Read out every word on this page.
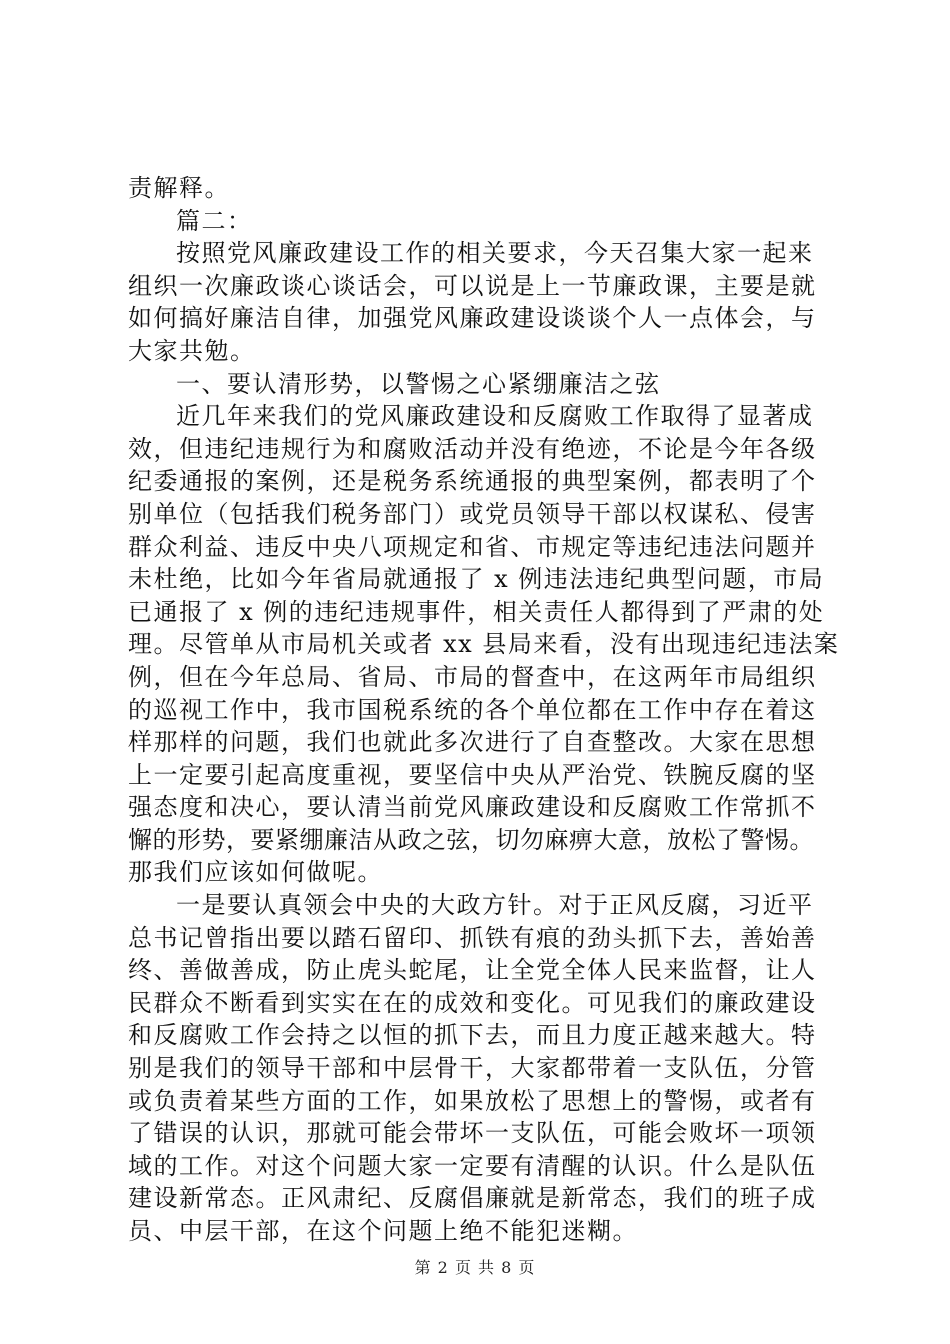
责解释。
篇二：
按照党风廉政建设工作的相关要求，今天召集大家一起来
组织一次廉政谈心谈话会，可以说是上一节廉政课，主要是就
如何搞好廉洁自律，加强党风廉政建设谈谈个人一点体会，与
大家共勉。
一、要认清形势，以警惕之心紧绷廉洁之弦
近几年来我们的党风廉政建设和反腐败工作取得了显著成
效，但违纪违规行为和腐败活动并没有绝迹，不论是今年各级
纪委通报的案例，还是税务系统通报的典型案例，都表明了个
别单位（包括我们税务部门）或党员领导干部以权谋私、侵害
群众利益、违反中央八项规定和省、市规定等违纪违法问题并
未杜绝，比如今年省局就通报了 x 例违法违纪典型问题，市局
已通报了 x 例的违纪违规事件，相关责任人都得到了严肃的处
理。尽管单从市局机关或者 xx 县局来看，没有出现违纪违法案
例，但在今年总局、省局、市局的督查中，在这两年市局组织
的巡视工作中，我市国税系统的各个单位都在工作中存在着这
样那样的问题，我们也就此多次进行了自查整改。大家在思想
上一定要引起高度重视，要坚信中央从严治党、铁腕反腐的坚
强态度和决心，要认清当前党风廉政建设和反腐败工作常抓不
懈的形势，要紧绷廉洁从政之弦，切勿麻痹大意，放松了警惕。
那我们应该如何做呢。
一是要认真领会中央的大政方针。对于正风反腐，习近平
总书记曾指出要以踏石留印、抓铁有痕的劲头抓下去，善始善
终、善做善成，防止虎头蛇尾，让全党全体人民来监督，让人
民群众不断看到实实在在的成效和变化。可见我们的廉政建设
和反腐败工作会持之以恒的抓下去，而且力度正越来越大。特
别是我们的领导干部和中层骨干，大家都带着一支队伍，分管
或负责着某些方面的工作，如果放松了思想上的警惕，或者有
了错误的认识，那就可能会带坏一支队伍，可能会败坏一项领
域的工作。对这个问题大家一定要有清醒的认识。什么是队伍
建设新常态。正风肃纪、反腐倡廉就是新常态，我们的班子成
员、中层干部，在这个问题上绝不能犯迷糊。
第 2 页 共 8 页
